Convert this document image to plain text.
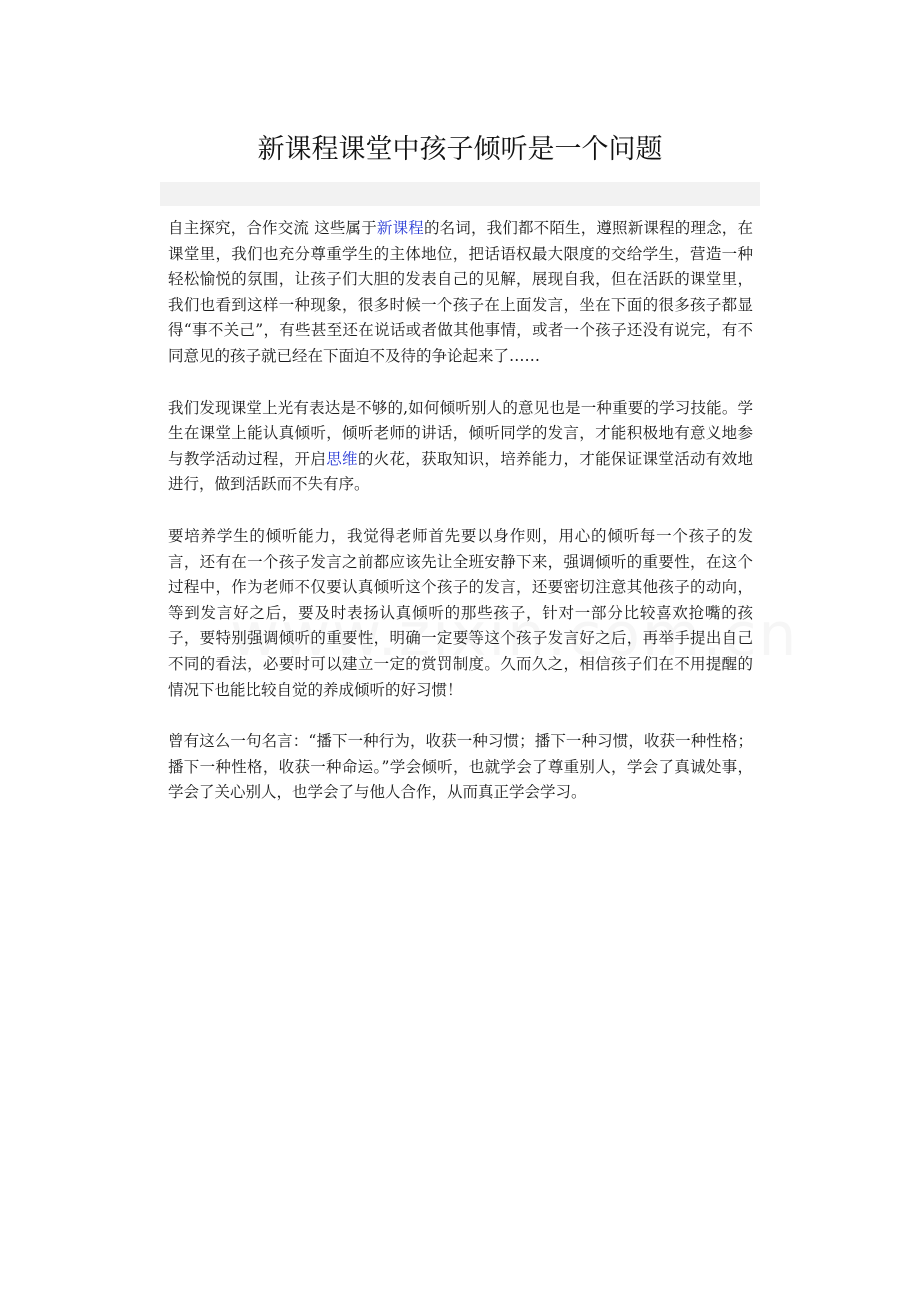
新课程课堂中孩子倾听是一个问题

自主探究，合作交流 这些属于新课程的名词，我们都不陌生，遵照新课程的理念，在课堂里，我们也充分尊重学生的主体地位，把话语权最大限度的交给学生，营造一种轻松愉悦的氛围，让孩子们大胆的发表自己的见解，展现自我，但在活跃的课堂里，我们也看到这样一种现象，很多时候一个孩子在上面发言，坐在下面的很多孩子都显得“事不关己”，有些甚至还在说话或者做其他事情，或者一个孩子还没有说完，有不同意见的孩子就已经在下面迫不及待的争论起来了……

我们发现课堂上光有表达是不够的,如何倾听别人的意见也是一种重要的学习技能。学生在课堂上能认真倾听，倾听老师的讲话，倾听同学的发言，才能积极地有意义地参与教学活动过程，开启思维的火花，获取知识，培养能力，才能保证课堂活动有效地进行，做到活跃而不失有序。

要培养学生的倾听能力，我觉得老师首先要以身作则，用心的倾听每一个孩子的发言，还有在一个孩子发言之前都应该先让全班安静下来，强调倾听的重要性，在这个过程中，作为老师不仅要认真倾听这个孩子的发言，还要密切注意其他孩子的动向，等到发言好之后，要及时表扬认真倾听的那些孩子，针对一部分比较喜欢抢嘴的孩子，要特别强调倾听的重要性，明确一定要等这个孩子发言好之后，再举手提出自己不同的看法，必要时可以建立一定的赏罚制度。久而久之，相信孩子们在不用提醒的情况下也能比较自觉的养成倾听的好习惯！

曾有这么一句名言：“播下一种行为，收获一种习惯；播下一种习惯，收获一种性格；播下一种性格，收获一种命运。”学会倾听，也就学会了尊重别人，学会了真诚处事，学会了关心别人，也学会了与他人合作，从而真正学会学习。
